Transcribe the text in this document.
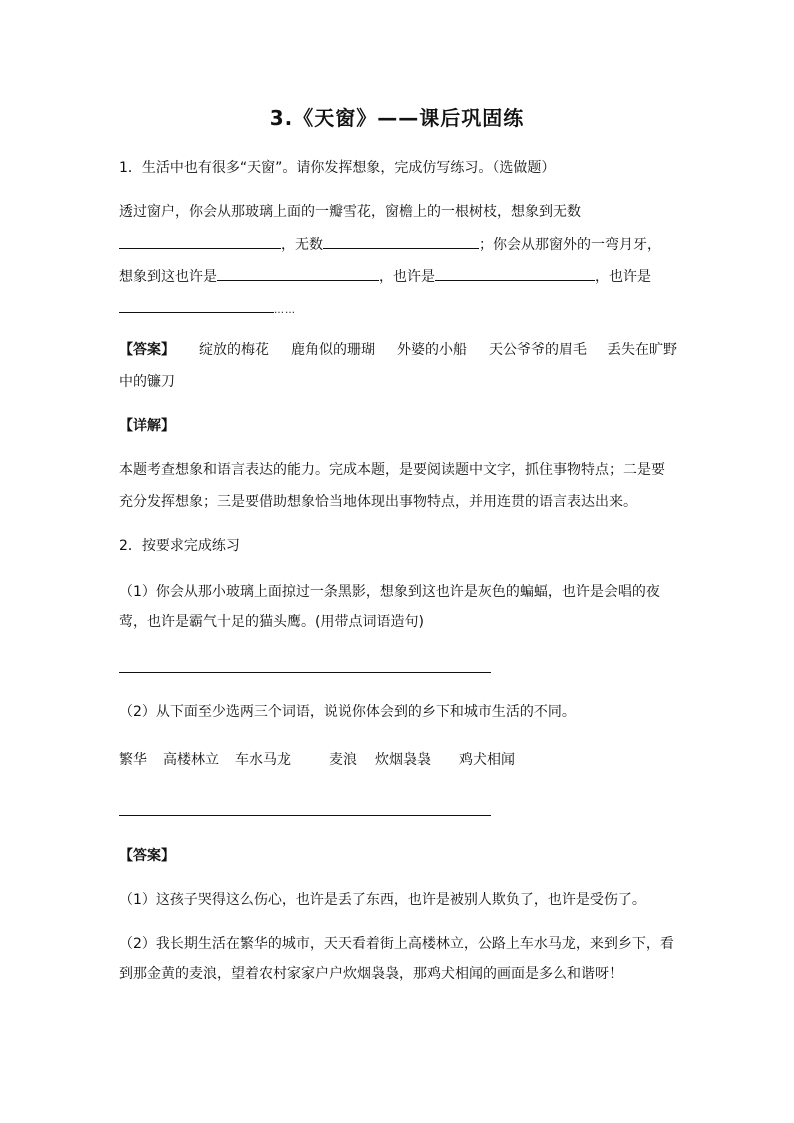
3.《天窗》——课后巩固练
1．生活中也有很多“天窗”。请你发挥想象，完成仿写练习。（选做题）
透过窗户，你会从那玻璃上面的一瓣雪花，窗檐上的一根树枝，想象到无数
，无数	；你会从那窗外的一弯月牙，
想象到这也许是	，也许是	，也许是
……
【答案】 绽放的梅花 鹿角似的珊瑚 外婆的小船 天公爷爷的眉毛 丢失在旷野
中的镰刀
【详解】
本题考查想象和语言表达的能力。完成本题，是要阅读题中文字，抓住事物特点；二是要
充分发挥想象；三是要借助想象恰当地体现出事物特点，并用连贯的语言表达出来。
2．按要求完成练习
（1）你会从那小玻璃上面掠过一条黑影，想象到这也许是灰色的蝙蝠，也许是会唱的夜
莺，也许是霸气十足的猫头鹰。(用带点词语造句)
（2）从下面至少选两三个词语，说说你体会到的乡下和城市生活的不同。
繁华 高楼林立 车水马龙	麦浪 炊烟袅袅 鸡犬相闻
【答案】
（1）这孩子哭得这么伤心，也许是丢了东西，也许是被别人欺负了，也许是受伤了。
（2）我长期生活在繁华的城市，天天看着街上高楼林立，公路上车水马龙，来到乡下，看
到那金黄的麦浪，望着农村家家户户炊烟袅袅，那鸡犬相闻的画面是多么和谐呀！
